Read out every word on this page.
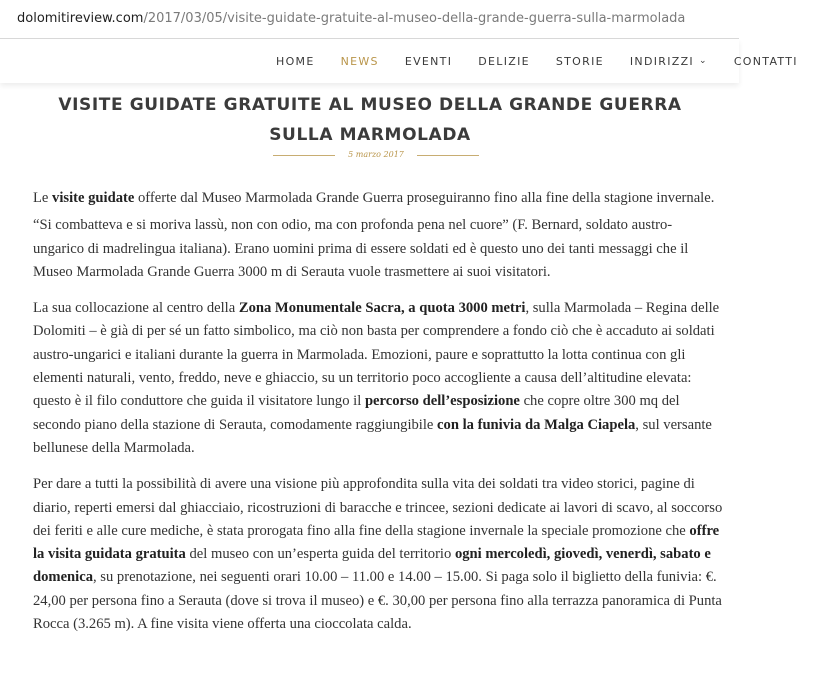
dolomitireview.com/2017/03/05/visite-guidate-gratuite-al-museo-della-grande-guerra-sulla-marmolada
HOME NEWS EVENTI DELIZIE STORIE INDIRIZZI ⌄ CONTATTI
VISITE GUIDATE GRATUITE AL MUSEO DELLA GRANDE GUERRA SULLA MARMOLADA
5 marzo 2017

Le visite guidate offerte dal Museo Marmolada Grande Guerra proseguiranno fino alla fine della stagione invernale.

“Si combatteva e si moriva lassù, non con odio, ma con profonda pena nel cuore” (F. Bernard, soldato austro-ungarico di madrelingua italiana). Erano uomini prima di essere soldati ed è questo uno dei tanti messaggi che il Museo Marmolada Grande Guerra 3000 m di Serauta vuole trasmettere ai suoi visitatori.

La sua collocazione al centro della Zona Monumentale Sacra, a quota 3000 metri, sulla Marmolada – Regina delle Dolomiti – è già di per sé un fatto simbolico, ma ciò non basta per comprendere a fondo ciò che è accaduto ai soldati austro-ungarici e italiani durante la guerra in Marmolada. Emozioni, paure e soprattutto la lotta continua con gli elementi naturali, vento, freddo, neve e ghiaccio, su un territorio poco accogliente a causa dell’altitudine elevata: questo è il filo conduttore che guida il visitatore lungo il percorso dell’esposizione che copre oltre 300 mq del secondo piano della stazione di Serauta, comodamente raggiungibile con la funivia da Malga Ciapela, sul versante bellunese della Marmolada.

Per dare a tutti la possibilità di avere una visione più approfondita sulla vita dei soldati tra video storici, pagine di diario, reperti emersi dal ghiacciaio, ricostruzioni di baracche e trincee, sezioni dedicate ai lavori di scavo, al soccorso dei feriti e alle cure mediche, è stata prorogata fino alla fine della stagione invernale la speciale promozione che offre la visita guidata gratuita del museo con un’esperta guida del territorio ogni mercoledì, giovedì, venerdì, sabato e domenica, su prenotazione, nei seguenti orari 10.00 – 11.00 e 14.00 – 15.00. Si paga solo il biglietto della funivia: €. 24,00 per persona fino a Serauta (dove si trova il museo) e €. 30,00 per persona fino alla terrazza panoramica di Punta Rocca (3.265 m). A fine visita viene offerta una cioccolata calda.
